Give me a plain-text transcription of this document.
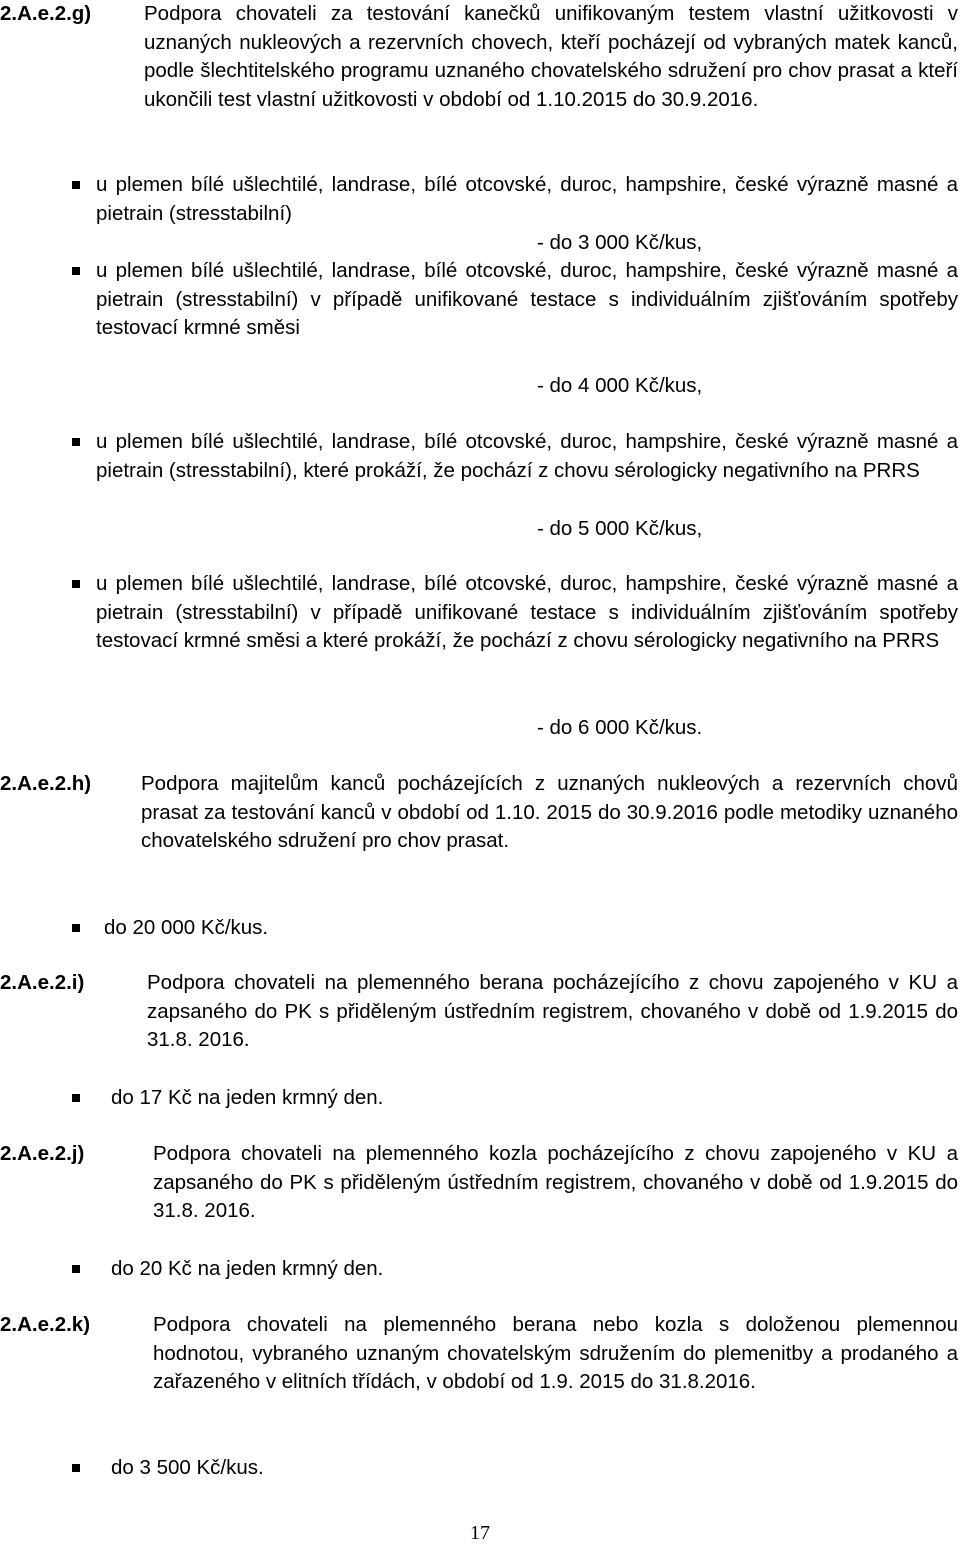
2.A.e.2.g)	Podpora chovateli za testování kanečků unifikovaným testem vlastní užitkovosti v uznaných nukleových a rezervních chovech, kteří pocházejí od vybraných matek kanců, podle šlechtitelského programu uznaného chovatelského sdružení pro chov prasat a kteří ukončili test vlastní užitkovosti v období od 1.10.2015 do 30.9.2016.
u plemen bílé ušlechtilé, landrase, bílé otcovské, duroc, hampshire, české výrazně masné a pietrain (stresstabilní)
- do 3 000 Kč/kus,
u plemen bílé ušlechtilé, landrase, bílé otcovské, duroc, hampshire, české výrazně masné a pietrain (stresstabilní) v případě unifikované testace s individuálním zjišťováním spotřeby testovací krmné směsi
- do 4 000 Kč/kus,
u plemen bílé ušlechtilé, landrase, bílé otcovské, duroc, hampshire, české výrazně masné a pietrain (stresstabilní), které prokáží, že pochází z chovu sérologicky negativního na PRRS
- do 5 000 Kč/kus,
u plemen bílé ušlechtilé, landrase, bílé otcovské, duroc, hampshire, české výrazně masné a pietrain (stresstabilní) v případě unifikované testace s individuálním zjišťováním spotřeby testovací krmné směsi a které prokáží, že pochází z chovu sérologicky negativního na PRRS
- do 6 000 Kč/kus.
2.A.e.2.h) Podpora majitelům kanců pocházejících z uznaných nukleových a rezervních chovů prasat za testování kanců v období od 1.10. 2015 do 30.9.2016 podle metodiky uznaného chovatelského sdružení pro chov prasat.
do 20 000 Kč/kus.
2.A.e.2.i)	Podpora chovateli na plemenného berana pocházejícího z chovu zapojeného v KU a zapsaného do PK s přiděleným ústředním registrem, chovaného v době od 1.9.2015 do 31.8. 2016.
do 17 Kč na jeden krmný den.
2.A.e.2.j)	Podpora chovateli na plemenného kozla pocházejícího z chovu zapojeného v KU a zapsaného do PK s přiděleným ústředním registrem, chovaného v době od 1.9.2015 do 31.8. 2016.
do 20 Kč na jeden krmný den.
2.A.e.2.k)	Podpora chovateli na plemenného berana nebo kozla s doloženou plemennou hodnotou, vybraného uznaným chovatelským sdružením do plemenitby a prodaného a zařazeného v elitních třídách, v období od 1.9. 2015 do 31.8.2016.
do 3 500 Kč/kus.
17
